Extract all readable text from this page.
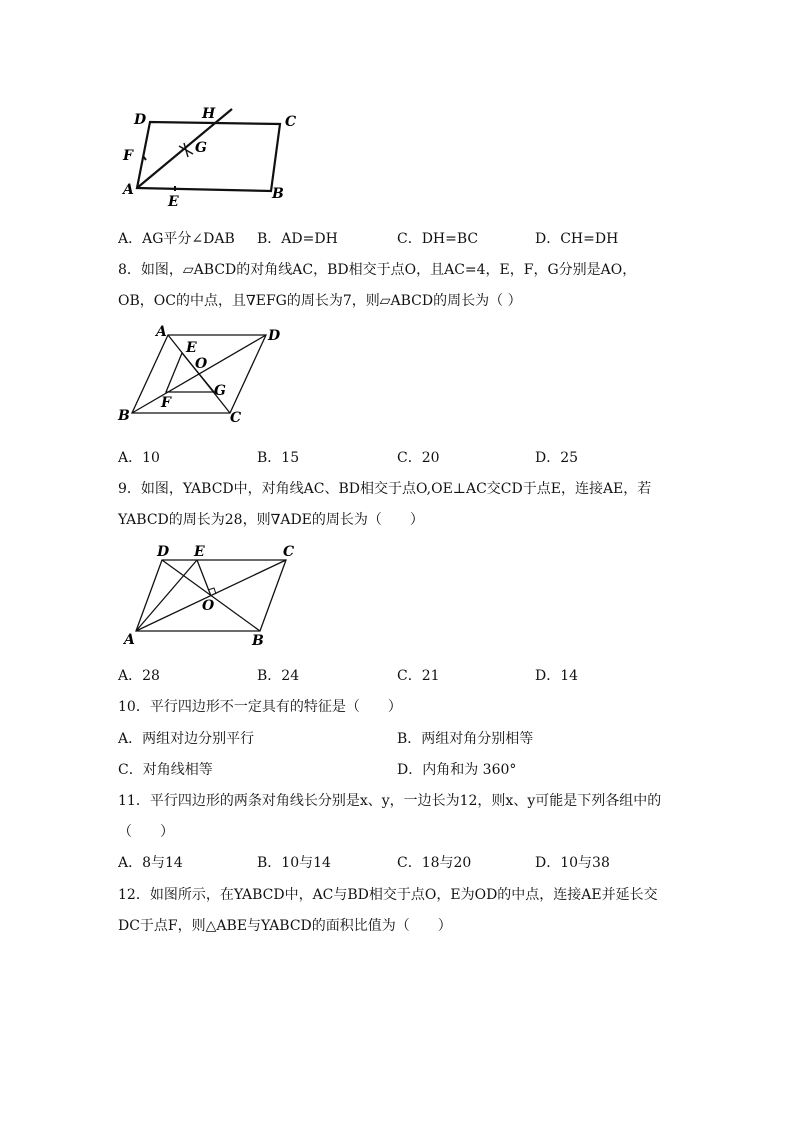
D	H	C
F	G
A
E	B
A．AG平分∠DAB B．AD=DH	C．DH=BC	D．CH=DH
8．如图，▱ABCD的对角线AC，BD相交于点O，且AC=4，E，F，G分别是AO，
OB，OC的中点，且∇EFG的周长为7，则▱ABCD的周长为（ ）
A	D
E
O
G
F
B	C
A．10	B．15	C．20	D．25
9．如图，YABCD中，对角线AC、BD相交于点O,OE⊥AC交CD于点E，连接AE，若
YABCD的周长为28，则∇ADE的周长为（　　）
D E	C
O
A	B
A．28	B．24	C．21	D．14
10．平行四边形不一定具有的特征是（　　）
A．两组对边分别平行	B．两组对角分别相等
C．对角线相等	D．内角和为 360°
11．平行四边形的两条对角线长分别是x、y，一边长为12，则x、y可能是下列各组中的
（　　）
A．8与14	B．10与14	C．18与20	D．10与38
12．如图所示，在YABCD中，AC与BD相交于点O，E为OD的中点，连接AE并延长交
DC于点F，则△ABE与YABCD的面积比值为（　　）
